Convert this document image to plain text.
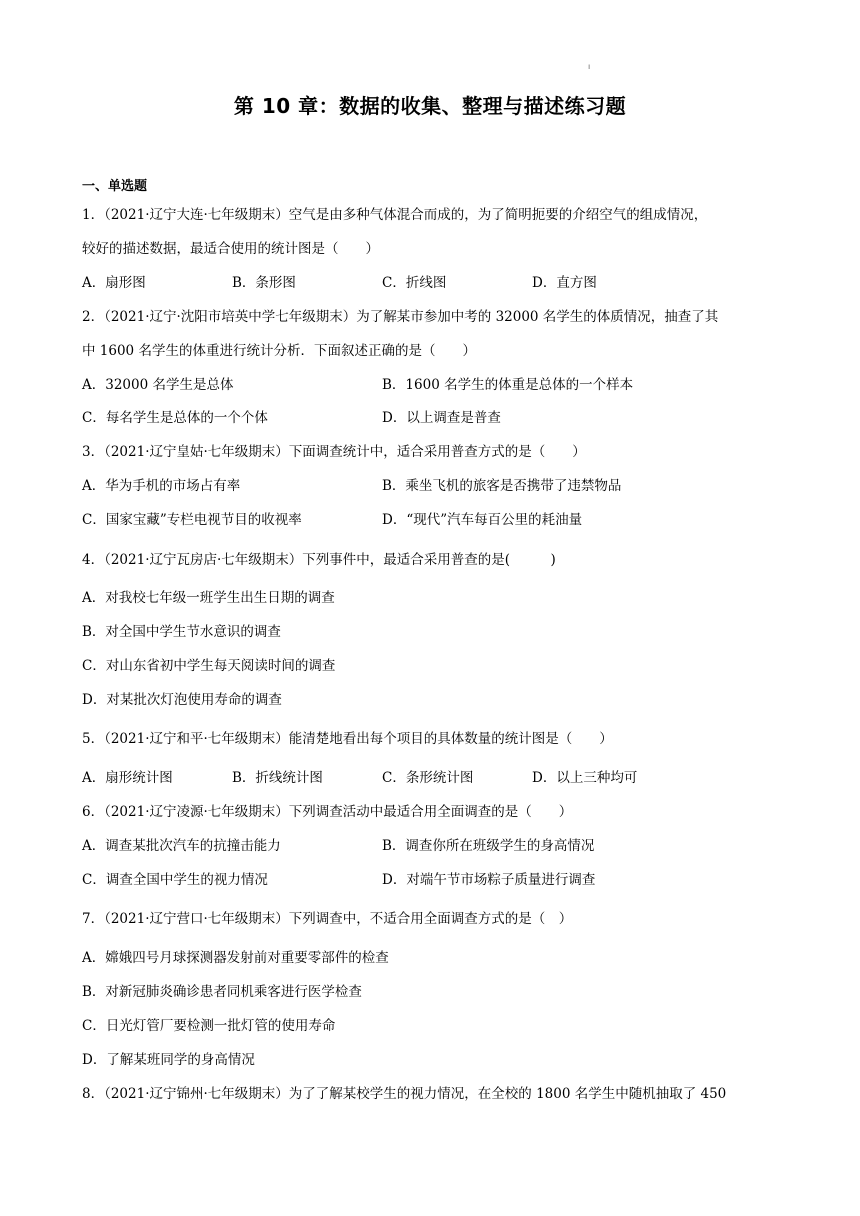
ı
第 10 章：数据的收集、整理与描述练习题
一、单选题
1．（2021·辽宁大连·七年级期末）空气是由多种气体混合而成的，为了简明扼要的介绍空气的组成情况，
较好的描述数据，最适合使用的统计图是（　　）
A．扇形图	B．条形图	C．折线图	D．直方图
2．（2021·辽宁·沈阳市培英中学七年级期末）为了解某市参加中考的 32000 名学生的体质情况，抽查了其
中 1600 名学生的体重进行统计分析．下面叙述正确的是（　　）
A．32000 名学生是总体	B．1600 名学生的体重是总体的一个样本
C．每名学生是总体的一个个体	D．以上调查是普查
3．（2021·辽宁皇姑·七年级期末）下面调查统计中，适合采用普查方式的是（　　）
A．华为手机的市场占有率	B．乘坐飞机的旅客是否携带了违禁物品
C．国家宝藏”专栏电视节目的收视率	D．“现代”汽车每百公里的耗油量
4．（2021·辽宁瓦房店·七年级期末）下列事件中，最适合采用普查的是(　　　)
A．对我校七年级一班学生出生日期的调查
B．对全国中学生节水意识的调查
C．对山东省初中学生每天阅读时间的调查
D．对某批次灯泡使用寿命的调查
5．（2021·辽宁和平·七年级期末）能清楚地看出每个项目的具体数量的统计图是（　　）
A．扇形统计图	B．折线统计图	C．条形统计图	D．以上三种均可
6．（2021·辽宁凌源·七年级期末）下列调查活动中最适合用全面调查的是（　　）
A．调查某批次汽车的抗撞击能力	B．调查你所在班级学生的身高情况
C．调查全国中学生的视力情况	D．对端午节市场粽子质量进行调查
7．（2021·辽宁营口·七年级期末）下列调查中，不适合用全面调查方式的是（　）
A．嫦娥四号月球探测器发射前对重要零部件的检查
B．对新冠肺炎确诊患者同机乘客进行医学检查
C．日光灯管厂要检测一批灯管的使用寿命
D．了解某班同学的身高情况
8．（2021·辽宁锦州·七年级期末）为了了解某校学生的视力情况，在全校的 1800 名学生中随机抽取了 450
